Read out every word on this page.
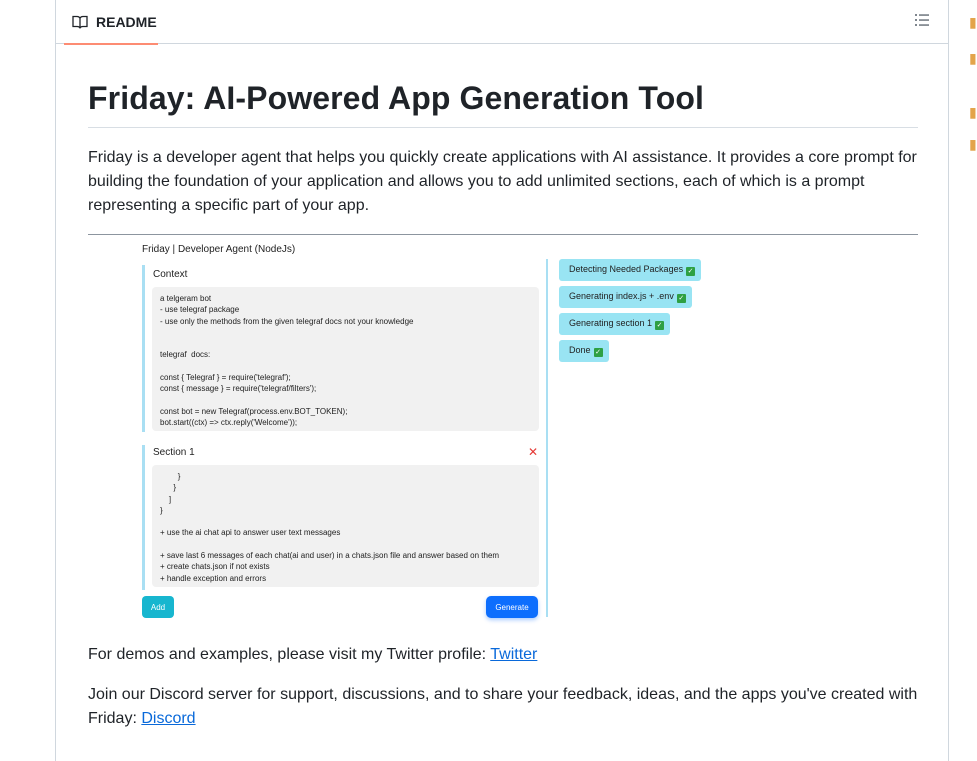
README
Friday: AI-Powered App Generation Tool

Friday is a developer agent that helps you quickly create applications with AI assistance. It provides a core prompt for building the foundation of your application and allows you to add unlimited sections, each of which is a prompt representing a specific part of your app.

Friday | Developer Agent (NodeJs)
Context
a telgeram bot
- use telegraf package
- use only the methods from the given telegraf docs not your knowledge

telegraf  docs:

const { Telegraf } = require('telegraf');
const { message } = require('telegraf/filters');

const bot = new Telegraf(process.env.BOT_TOKEN);
bot.start((ctx) => ctx.reply('Welcome'));
Section 1	✕
}
}
]
}

+ use the ai chat api to answer user text messages

+ save last 6 messages of each chat(ai and user) in a chats.json file and answer based on them
+ create chats.json if not exists
+ handle exception and errors
Add	Generate
Detecting Needed Packages ✓
Generating index.js + .env ✓
Generating section 1 ✓
Done ✓

For demos and examples, please visit my Twitter profile: Twitter

Join our Discord server for support, discussions, and to share your feedback, ideas, and the apps you've created with Friday: Discord

▮
▮
▮
▮
